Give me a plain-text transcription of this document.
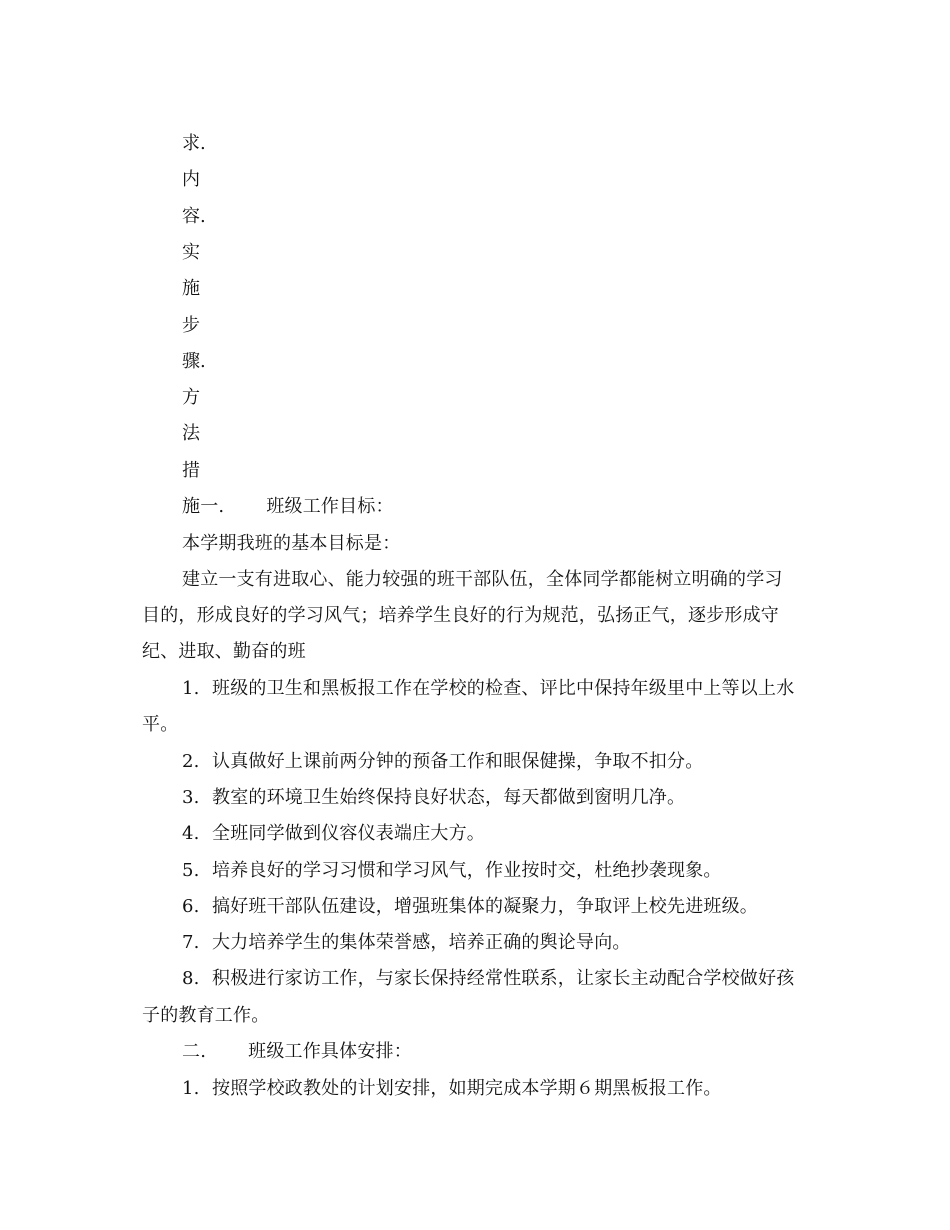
求.
内
容.
实
施
步
骤.
方
法
措
施一. 班级工作目标：
本学期我班的基本目标是：
建立一支有进取心、能力较强的班干部队伍，全体同学都能树立明确的学习
目的，形成良好的学习风气；培养学生良好的行为规范，弘扬正气，逐步形成守
纪、进取、勤奋的班
1. 班级的卫生和黑板报工作在学校的检查、评比中保持年级里中上等以上水
平。
2. 认真做好上课前两分钟的预备工作和眼保健操，争取不扣分。
3. 教室的环境卫生始终保持良好状态，每天都做到窗明几净。
4. 全班同学做到仪容仪表端庄大方。
5. 培养良好的学习习惯和学习风气，作业按时交，杜绝抄袭现象。
6. 搞好班干部队伍建设，增强班集体的凝聚力，争取评上校先进班级。
7. 大力培养学生的集体荣誉感，培养正确的舆论导向。
8. 积极进行家访工作，与家长保持经常性联系，让家长主动配合学校做好孩
子的教育工作。
二. 班级工作具体安排：
1. 按照学校政教处的计划安排，如期完成本学期６期黑板报工作。
